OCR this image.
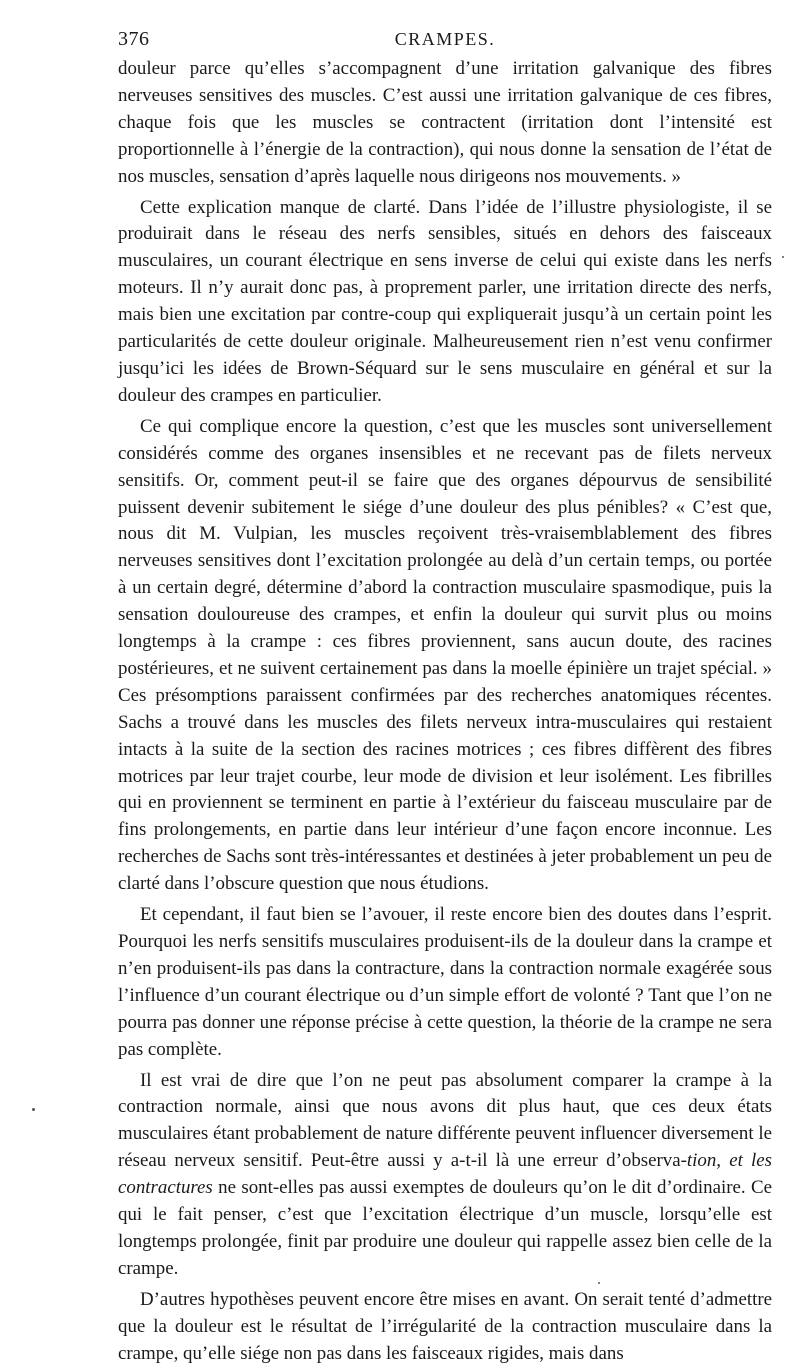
376	CRAMPES.

douleur parce qu’elles s’accompagnent d’une irritation galvanique des fibres nerveuses sensitives des muscles. C’est aussi une irritation galvanique de ces fibres, chaque fois que les muscles se contractent (irritation dont l’intensité est proportionnelle à l’énergie de la contraction), qui nous donne la sensation de l’état de nos muscles, sensation d’après laquelle nous dirigeons nos mouvements. »

Cette explication manque de clarté. Dans l’idée de l’illustre physiologiste, il se produirait dans le réseau des nerfs sensibles, situés en dehors des faisceaux musculaires, un courant électrique en sens inverse de celui qui existe dans les nerfs moteurs. Il n’y aurait donc pas, à proprement parler, une irritation directe des nerfs, mais bien une excitation par contre-coup qui expliquerait jusqu’à un certain point les particularités de cette douleur originale. Malheureusement rien n’est venu confirmer jusqu’ici les idées de Brown-Séquard sur le sens musculaire en général et sur la douleur des crampes en particulier.

Ce qui complique encore la question, c’est que les muscles sont universellement considérés comme des organes insensibles et ne recevant pas de filets nerveux sensitifs. Or, comment peut-il se faire que des organes dépourvus de sensibilité puissent devenir subitement le siége d’une douleur des plus pénibles? « C’est que, nous dit M. Vulpian, les muscles reçoivent très-vraisemblablement des fibres nerveuses sensitives dont l’excitation prolongée au delà d’un certain temps, ou portée à un certain degré, détermine d’abord la contraction musculaire spasmodique, puis la sensation douloureuse des crampes, et enfin la douleur qui survit plus ou moins longtemps à la crampe : ces fibres proviennent, sans aucun doute, des racines postérieures, et ne suivent certainement pas dans la moelle épinière un trajet spécial. » Ces présomptions paraissent confirmées par des recherches anatomiques récentes. Sachs a trouvé dans les muscles des filets nerveux intra-musculaires qui restaient intacts à la suite de la section des racines motrices ; ces fibres diffèrent des fibres motrices par leur trajet courbe, leur mode de division et leur isolément. Les fibrilles qui en proviennent se terminent en partie à l’extérieur du faisceau musculaire par de fins prolongements, en partie dans leur intérieur d’une façon encore inconnue. Les recherches de Sachs sont très-intéressantes et destinées à jeter probablement un peu de clarté dans l’obscure question que nous étudions.

Et cependant, il faut bien se l’avouer, il reste encore bien des doutes dans l’esprit. Pourquoi les nerfs sensitifs musculaires produisent-ils de la douleur dans la crampe et n’en produisent-ils pas dans la contracture, dans la contraction normale exagérée sous l’influence d’un courant électrique ou d’un simple effort de volonté ? Tant que l’on ne pourra pas donner une réponse précise à cette question, la théorie de la crampe ne sera pas complète.

Il est vrai de dire que l’on ne peut pas absolument comparer la crampe à la contraction normale, ainsi que nous avons dit plus haut, que ces deux états musculaires étant probablement de nature différente peuvent influencer diversement le réseau nerveux sensitif. Peut-être aussi y a-t-il là une erreur d’observa-tion, et les contractures ne sont-elles pas aussi exemptes de douleurs qu’on le dit d’ordinaire. Ce qui le fait penser, c’est que l’excitation électrique d’un muscle, lorsqu’elle est longtemps prolongée, finit par produire une douleur qui rappelle assez bien celle de la crampe.

D’autres hypothèses peuvent encore être mises en avant. On serait tenté d’admettre que la douleur est le résultat de l’irrégularité de la contraction musculaire dans la crampe, qu’elle siége non pas dans les faisceaux rigides, mais dans
